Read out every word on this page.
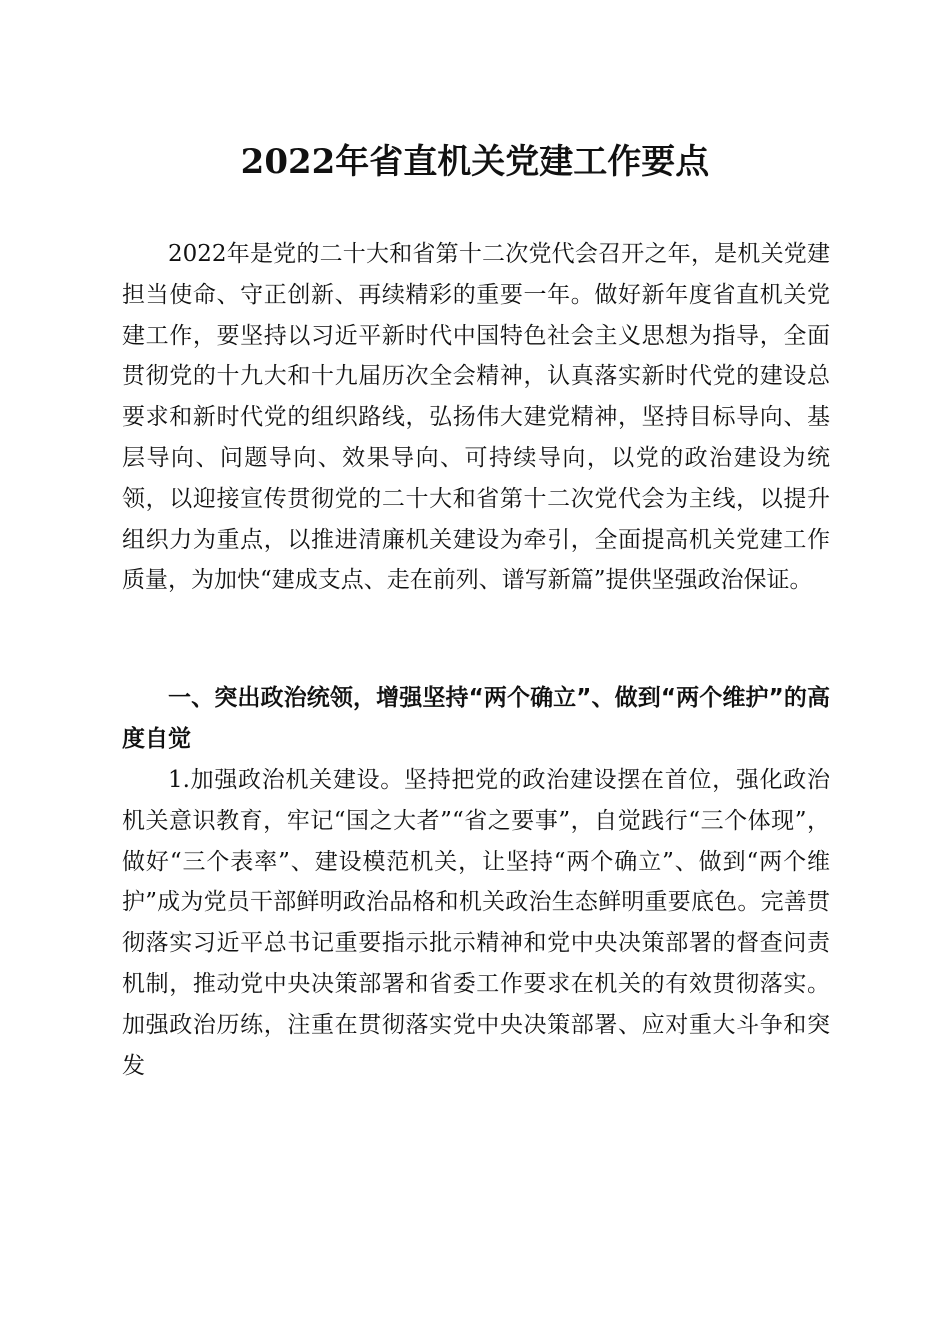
2022年省直机关党建工作要点

2022年是党的二十大和省第十二次党代会召开之年，是机关党建担当使命、守正创新、再续精彩的重要一年。做好新年度省直机关党建工作，要坚持以习近平新时代中国特色社会主义思想为指导，全面贯彻党的十九大和十九届历次全会精神，认真落实新时代党的建设总要求和新时代党的组织路线，弘扬伟大建党精神，坚持目标导向、基层导向、问题导向、效果导向、可持续导向，以党的政治建设为统领，以迎接宣传贯彻党的二十大和省第十二次党代会为主线，以提升组织力为重点，以推进清廉机关建设为牵引，全面提高机关党建工作质量，为加快“建成支点、走在前列、谱写新篇”提供坚强政治保证。

一、突出政治统领，增强坚持“两个确立”、做到“两个维护”的高度自觉

1.加强政治机关建设。坚持把党的政治建设摆在首位，强化政治机关意识教育，牢记“国之大者”“省之要事”，自觉践行“三个体现”，做好“三个表率”、建设模范机关，让坚持“两个确立”、做到“两个维护”成为党员干部鲜明政治品格和机关政治生态鲜明重要底色。完善贯彻落实习近平总书记重要指示批示精神和党中央决策部署的督查问责机制，推动党中央决策部署和省委工作要求在机关的有效贯彻落实。加强政治历练，注重在贯彻落实党中央决策部署、应对重大斗争和突发
